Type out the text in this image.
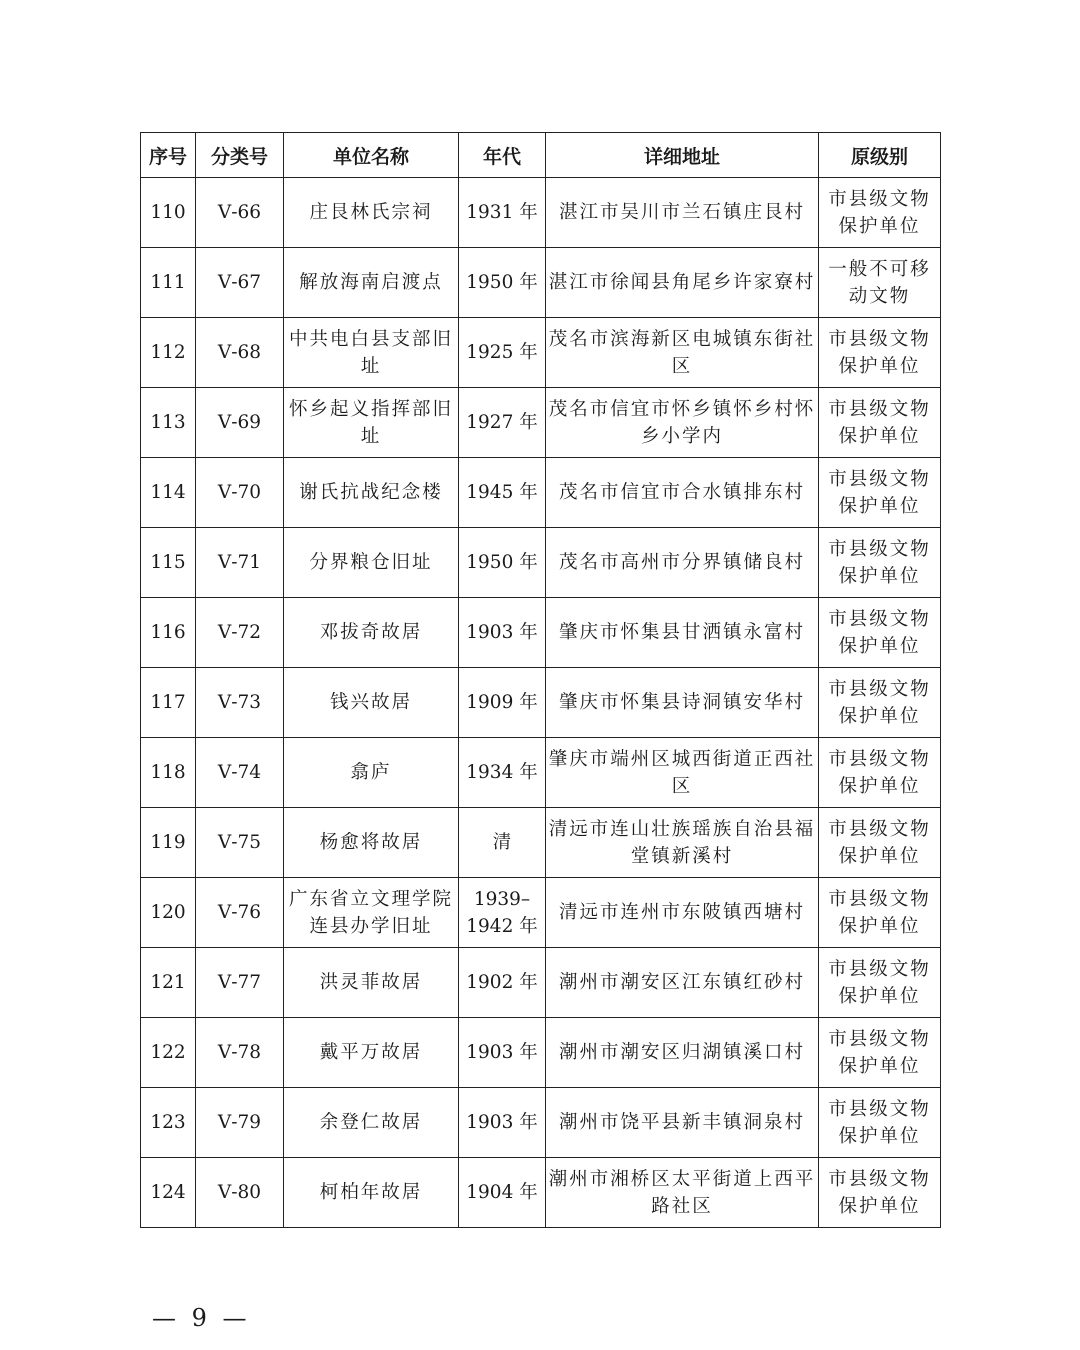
序号	分类号	单位名称	年代	详细地址	原级别
110	Ⅴ-66	庄艮林氏宗祠	1931 年	湛江市吴川市兰石镇庄艮村	市县级文物保护单位
111	Ⅴ-67	解放海南启渡点	1950 年	湛江市徐闻县角尾乡许家寮村	一般不可移动文物
112	Ⅴ-68	中共电白县支部旧址	1925 年	茂名市滨海新区电城镇东街社区	市县级文物保护单位
113	Ⅴ-69	怀乡起义指挥部旧址	1927 年	茂名市信宜市怀乡镇怀乡村怀乡小学内	市县级文物保护单位
114	Ⅴ-70	谢氏抗战纪念楼	1945 年	茂名市信宜市合水镇排东村	市县级文物保护单位
115	Ⅴ-71	分界粮仓旧址	1950 年	茂名市高州市分界镇储良村	市县级文物保护单位
116	Ⅴ-72	邓拔奇故居	1903 年	肇庆市怀集县甘洒镇永富村	市县级文物保护单位
117	Ⅴ-73	钱兴故居	1909 年	肇庆市怀集县诗洞镇安华村	市县级文物保护单位
118	Ⅴ-74	翕庐	1934 年	肇庆市端州区城西街道正西社区	市县级文物保护单位
119	Ⅴ-75	杨愈将故居	清	清远市连山壮族瑶族自治县福堂镇新溪村	市县级文物保护单位
120	Ⅴ-76	广东省立文理学院连县办学旧址	1939–1942 年	清远市连州市东陂镇西塘村	市县级文物保护单位
121	Ⅴ-77	洪灵菲故居	1902 年	潮州市潮安区江东镇红砂村	市县级文物保护单位
122	Ⅴ-78	戴平万故居	1903 年	潮州市潮安区归湖镇溪口村	市县级文物保护单位
123	Ⅴ-79	余登仁故居	1903 年	潮州市饶平县新丰镇洞泉村	市县级文物保护单位
124	Ⅴ-80	柯柏年故居	1904 年	潮州市湘桥区太平街道上西平路社区	市县级文物保护单位
— 9 —
